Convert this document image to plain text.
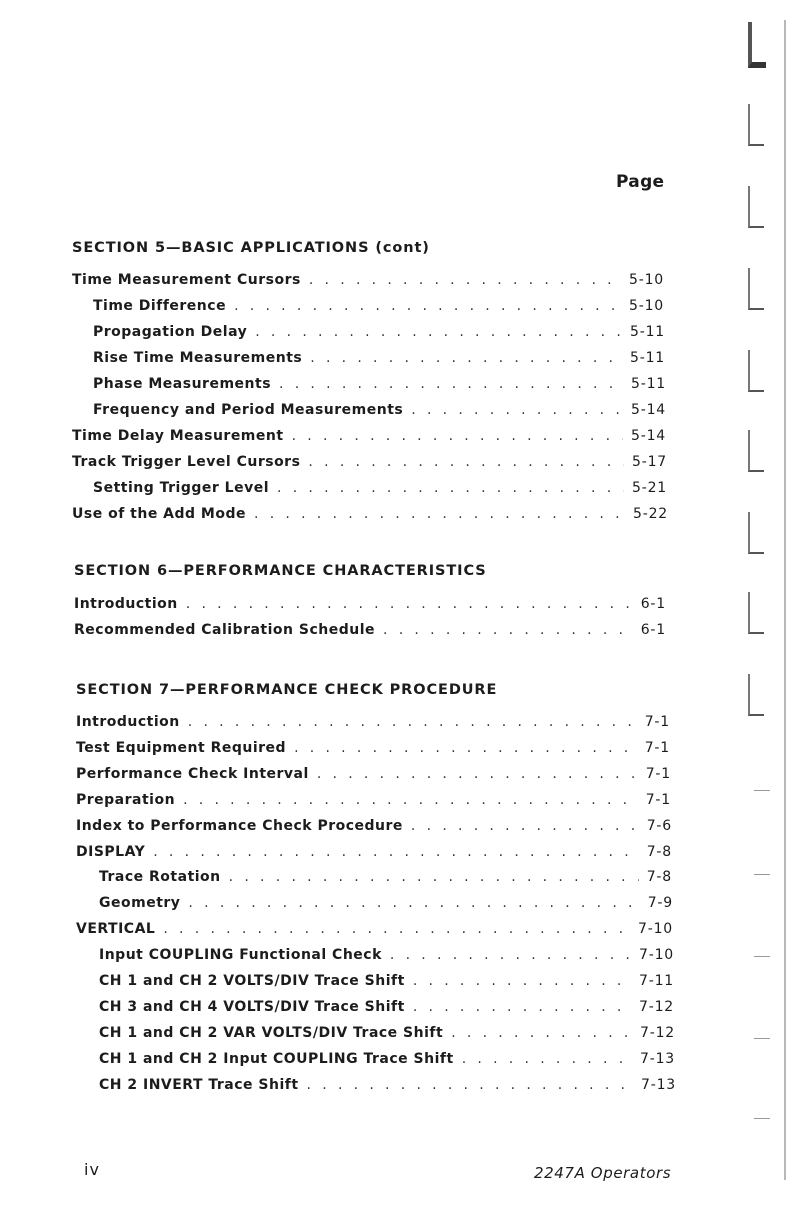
Page
SECTION 5—BASIC APPLICATIONS (cont)
Time Measurement Cursors . . .	5-10
Time Difference . . .	5-10
Propagation Delay . . .	5-11
Rise Time Measurements . . .	5-11
Phase Measurements . . .	5-11
Frequency and Period Measurements . . .	5-14
Time Delay Measurement . . .	5-14
Track Trigger Level Cursors . . .	5-17
Setting Trigger Level . . .	5-21
Use of the Add Mode . . .	5-22
SECTION 6—PERFORMANCE CHARACTERISTICS
Introduction . . .	6-1
Recommended Calibration Schedule . . .	6-1
SECTION 7—PERFORMANCE CHECK PROCEDURE
Introduction . . .	7-1
Test Equipment Required . . .	7-1
Performance Check Interval . . .	7-1
Preparation . . .	7-1
Index to Performance Check Procedure . . .	7-6
DISPLAY . . .	7-8
Trace Rotation . . .	7-8
Geometry . . .	7-9
VERTICAL . . .	7-10
Input COUPLING Functional Check . . .	7-10
CH 1 and CH 2 VOLTS/DIV Trace Shift . . .	7-11
CH 3 and CH 4 VOLTS/DIV Trace Shift . . .	7-12
CH 1 and CH 2 VAR VOLTS/DIV Trace Shift . . .	7-12
CH 1 and CH 2 Input COUPLING Trace Shift . . .	7-13
CH 2 INVERT Trace Shift . . .	7-13
iv	2247A Operators
